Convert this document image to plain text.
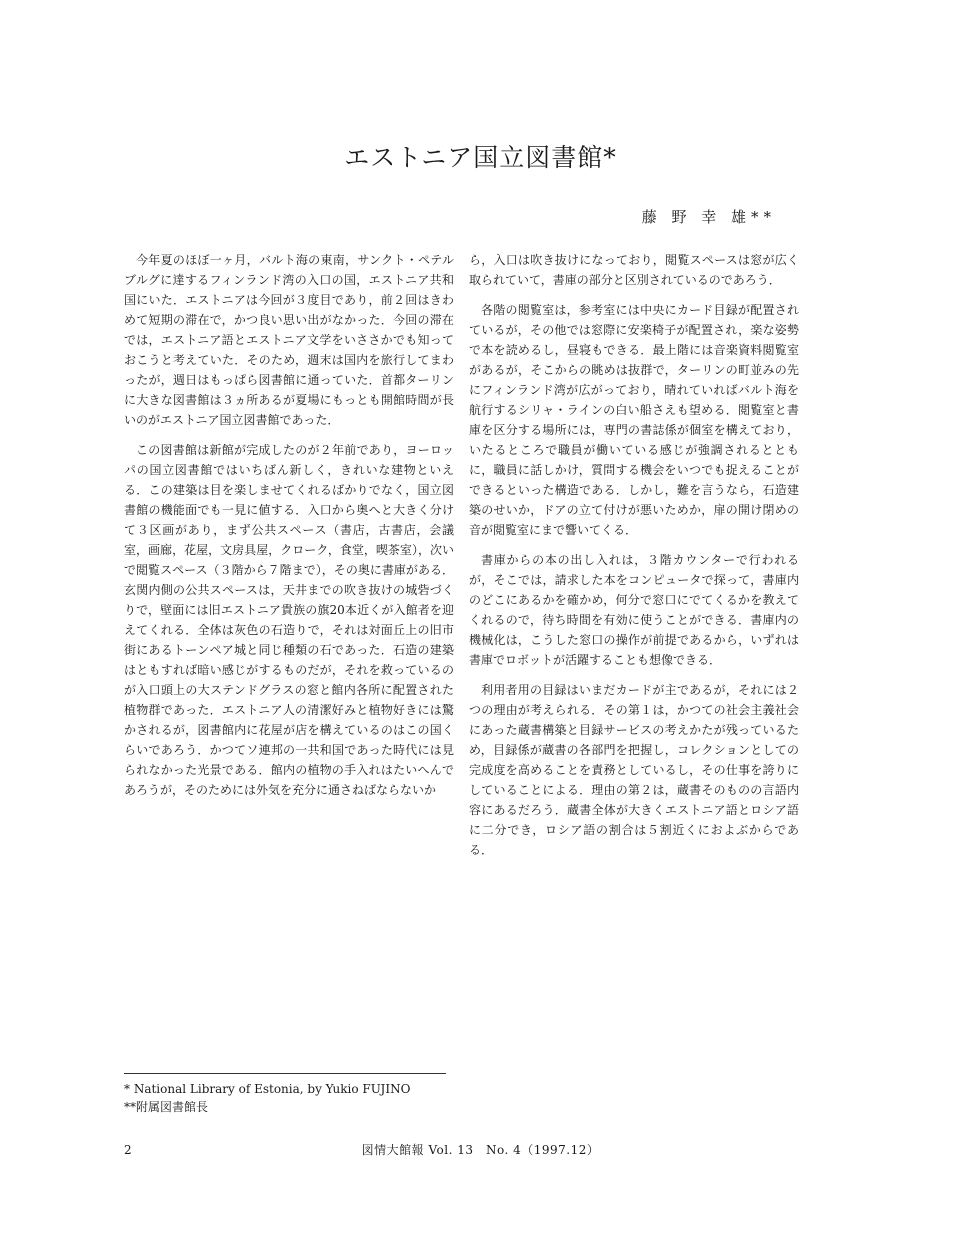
エストニア国立図書館*
藤 野 幸 雄**

今年夏のほぼ一ヶ月，バルト海の東南，サンクト・ペテルブルグに達するフィンランド湾の入口の国，エストニア共和国にいた．エストニアは今回が３度目であり，前２回はきわめて短期の滞在で，かつ良い思い出がなかった．今回の滞在では，エストニア語とエストニア文学をいささかでも知っておこうと考えていた．そのため，週末は国内を旅行してまわったが，週日はもっぱら図書館に通っていた．首都ターリンに大きな図書館は３ヵ所あるが夏場にもっとも開館時間が長いのがエストニア国立図書館であった．

この図書館は新館が完成したのが２年前であり，ヨーロッパの国立図書館ではいちばん新しく，きれいな建物といえる．この建築は目を楽しませてくれるばかりでなく，国立図書館の機能面でも一見に値する．入口から奥へと大きく分けて３区画があり，まず公共スペース（書店，古書店，会議室，画廊，花屋，文房具屋，クローク，食堂，喫茶室），次いで閲覧スペース（３階から７階まで），その奥に書庫がある．玄関内側の公共スペースは，天井までの吹き抜けの城砦づくりで，壁面には旧エストニア貴族の旗20本近くが入館者を迎えてくれる．全体は灰色の石造りで，それは対面丘上の旧市街にあるトーンペア城と同じ種類の石であった．石造の建築はともすれば暗い感じがするものだが，それを救っているのが入口頭上の大ステンドグラスの窓と館内各所に配置された植物群であった．エストニア人の清潔好みと植物好きには驚かされるが，図書館内に花屋が店を構えているのはこの国くらいであろう．かつてソ連邦の一共和国であった時代には見られなかった光景である．館内の植物の手入れはたいへんであろうが，そのためには外気を充分に通さねばならないか

ら，入口は吹き抜けになっており，閲覧スペースは窓が広く取られていて，書庫の部分と区別されているのであろう．

各階の閲覧室は，参考室には中央にカード目録が配置されているが，その他では窓際に安楽椅子が配置され，楽な姿勢で本を読めるし，昼寝もできる．最上階には音楽資料閲覧室があるが，そこからの眺めは抜群で，ターリンの町並みの先にフィンランド湾が広がっており，晴れていればバルト海を航行するシリャ・ラインの白い船さえも望める．閲覧室と書庫を区分する場所には，専門の書誌係が個室を構えており，いたるところで職員が働いている感じが強調されるとともに，職員に話しかけ，質問する機会をいつでも捉えることができるといった構造である．しかし，難を言うなら，石造建築のせいか，ドアの立て付けが悪いためか，扉の開け閉めの音が閲覧室にまで響いてくる．

書庫からの本の出し入れは，３階カウンターで行われるが，そこでは，請求した本をコンピュータで探って，書庫内のどこにあるかを確かめ，何分で窓口にでてくるかを教えてくれるので，待ち時間を有効に使うことができる．書庫内の機械化は，こうした窓口の操作が前提であるから，いずれは書庫でロボットが活躍することも想像できる．

利用者用の目録はいまだカードが主であるが，それには２つの理由が考えられる．その第１は，かつての社会主義社会にあった蔵書構築と目録サービスの考えかたが残っているため，目録係が蔵書の各部門を把握し，コレクションとしての完成度を高めることを責務としているし，その仕事を誇りにしていることによる．理由の第２は，蔵書そのものの言語内容にあるだろう．蔵書全体が大きくエストニア語とロシア語に二分でき，ロシア語の割合は５割近くにおよぶからである．

* National Library of Estonia, by Yukio FUJINO
**附属図書館長
2	図情大館報 Vol. 13　No. 4（1997.12）
